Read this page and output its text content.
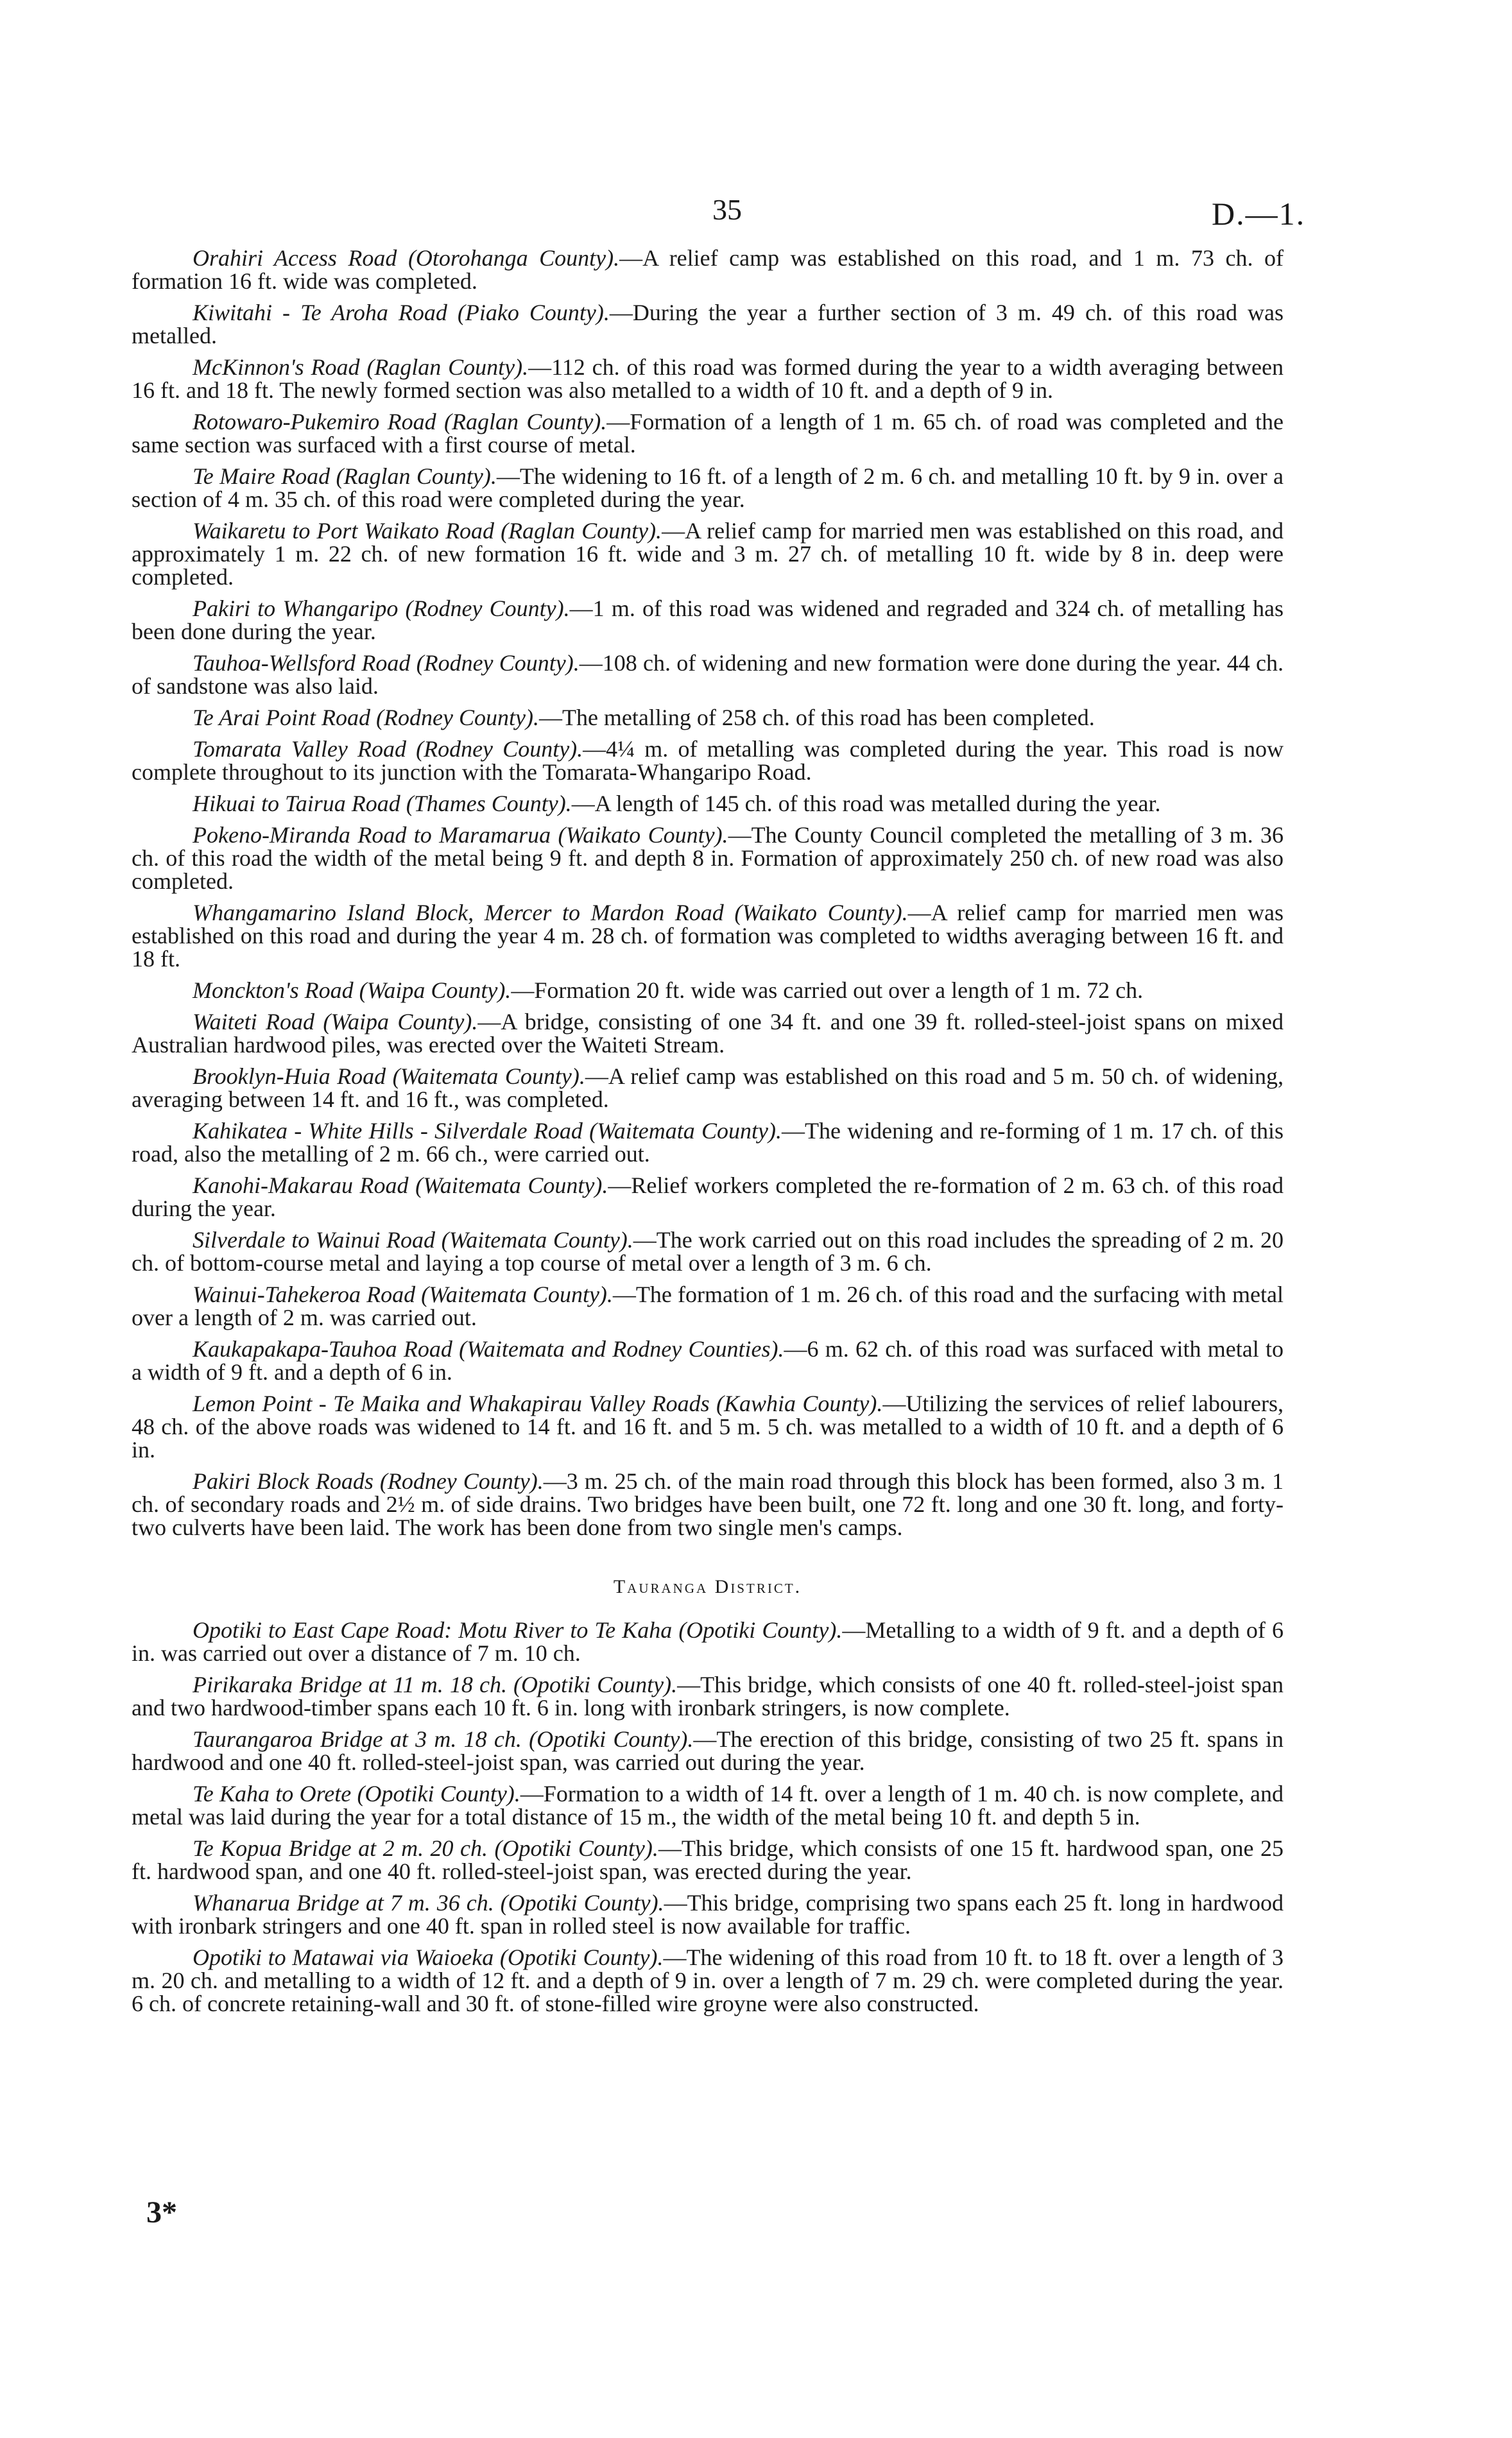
35	D.—1.

Orahiri Access Road (Otorohanga County).—A relief camp was established on this road, and 1 m. 73 ch. of formation 16 ft. wide was completed.

Kiwitahi - Te Aroha Road (Piako County).—During the year a further section of 3 m. 49 ch. of this road was metalled.

McKinnon's Road (Raglan County).—112 ch. of this road was formed during the year to a width averaging between 16 ft. and 18 ft. The newly formed section was also metalled to a width of 10 ft. and a depth of 9 in.

Rotowaro-Pukemiro Road (Raglan County).—Formation of a length of 1 m. 65 ch. of road was completed and the same section was surfaced with a first course of metal.

Te Maire Road (Raglan County).—The widening to 16 ft. of a length of 2 m. 6 ch. and metalling 10 ft. by 9 in. over a section of 4 m. 35 ch. of this road were completed during the year.

Waikaretu to Port Waikato Road (Raglan County).—A relief camp for married men was established on this road, and approximately 1 m. 22 ch. of new formation 16 ft. wide and 3 m. 27 ch. of metalling 10 ft. wide by 8 in. deep were completed.

Pakiri to Whangaripo (Rodney County).—1 m. of this road was widened and regraded and 324 ch. of metalling has been done during the year.

Tauhoa-Wellsford Road (Rodney County).—108 ch. of widening and new formation were done during the year. 44 ch. of sandstone was also laid.

Te Arai Point Road (Rodney County).—The metalling of 258 ch. of this road has been completed.

Tomarata Valley Road (Rodney County).—4¼ m. of metalling was completed during the year. This road is now complete throughout to its junction with the Tomarata-Whangaripo Road.

Hikuai to Tairua Road (Thames County).—A length of 145 ch. of this road was metalled during the year.

Pokeno-Miranda Road to Maramarua (Waikato County).—The County Council completed the metalling of 3 m. 36 ch. of this road the width of the metal being 9 ft. and depth 8 in. Formation of approximately 250 ch. of new road was also completed.

Whangamarino Island Block, Mercer to Mardon Road (Waikato County).—A relief camp for married men was established on this road and during the year 4 m. 28 ch. of formation was completed to widths averaging between 16 ft. and 18 ft.

Monckton's Road (Waipa County).—Formation 20 ft. wide was carried out over a length of 1 m. 72 ch.

Waiteti Road (Waipa County).—A bridge, consisting of one 34 ft. and one 39 ft. rolled-steel-joist spans on mixed Australian hardwood piles, was erected over the Waiteti Stream.

Brooklyn-Huia Road (Waitemata County).—A relief camp was established on this road and 5 m. 50 ch. of widening, averaging between 14 ft. and 16 ft., was completed.

Kahikatea - White Hills - Silverdale Road (Waitemata County).—The widening and re-forming of 1 m. 17 ch. of this road, also the metalling of 2 m. 66 ch., were carried out.

Kanohi-Makarau Road (Waitemata County).—Relief workers completed the re-formation of 2 m. 63 ch. of this road during the year.

Silverdale to Wainui Road (Waitemata County).—The work carried out on this road includes the spreading of 2 m. 20 ch. of bottom-course metal and laying a top course of metal over a length of 3 m. 6 ch.

Wainui-Tahekeroa Road (Waitemata County).—The formation of 1 m. 26 ch. of this road and the surfacing with metal over a length of 2 m. was carried out.

Kaukapakapa-Tauhoa Road (Waitemata and Rodney Counties).—6 m. 62 ch. of this road was surfaced with metal to a width of 9 ft. and a depth of 6 in.

Lemon Point - Te Maika and Whakapirau Valley Roads (Kawhia County).—Utilizing the services of relief labourers, 48 ch. of the above roads was widened to 14 ft. and 16 ft. and 5 m. 5 ch. was metalled to a width of 10 ft. and a depth of 6 in.

Pakiri Block Roads (Rodney County).—3 m. 25 ch. of the main road through this block has been formed, also 3 m. 1 ch. of secondary roads and 2½ m. of side drains. Two bridges have been built, one 72 ft. long and one 30 ft. long, and forty-two culverts have been laid. The work has been done from two single men's camps.

Tauranga District.

Opotiki to East Cape Road: Motu River to Te Kaha (Opotiki County).—Metalling to a width of 9 ft. and a depth of 6 in. was carried out over a distance of 7 m. 10 ch.

Pirikaraka Bridge at 11 m. 18 ch. (Opotiki County).—This bridge, which consists of one 40 ft. rolled-steel-joist span and two hardwood-timber spans each 10 ft. 6 in. long with ironbark stringers, is now complete.

Taurangaroa Bridge at 3 m. 18 ch. (Opotiki County).—The erection of this bridge, consisting of two 25 ft. spans in hardwood and one 40 ft. rolled-steel-joist span, was carried out during the year.

Te Kaha to Orete (Opotiki County).—Formation to a width of 14 ft. over a length of 1 m. 40 ch. is now complete, and metal was laid during the year for a total distance of 15 m., the width of the metal being 10 ft. and depth 5 in.

Te Kopua Bridge at 2 m. 20 ch. (Opotiki County).—This bridge, which consists of one 15 ft. hardwood span, one 25 ft. hardwood span, and one 40 ft. rolled-steel-joist span, was erected during the year.

Whanarua Bridge at 7 m. 36 ch. (Opotiki County).—This bridge, comprising two spans each 25 ft. long in hardwood with ironbark stringers and one 40 ft. span in rolled steel is now available for traffic.

Opotiki to Matawai via Waioeka (Opotiki County).—The widening of this road from 10 ft. to 18 ft. over a length of 3 m. 20 ch. and metalling to a width of 12 ft. and a depth of 9 in. over a length of 7 m. 29 ch. were completed during the year. 6 ch. of concrete retaining-wall and 30 ft. of stone-filled wire groyne were also constructed.

3*
